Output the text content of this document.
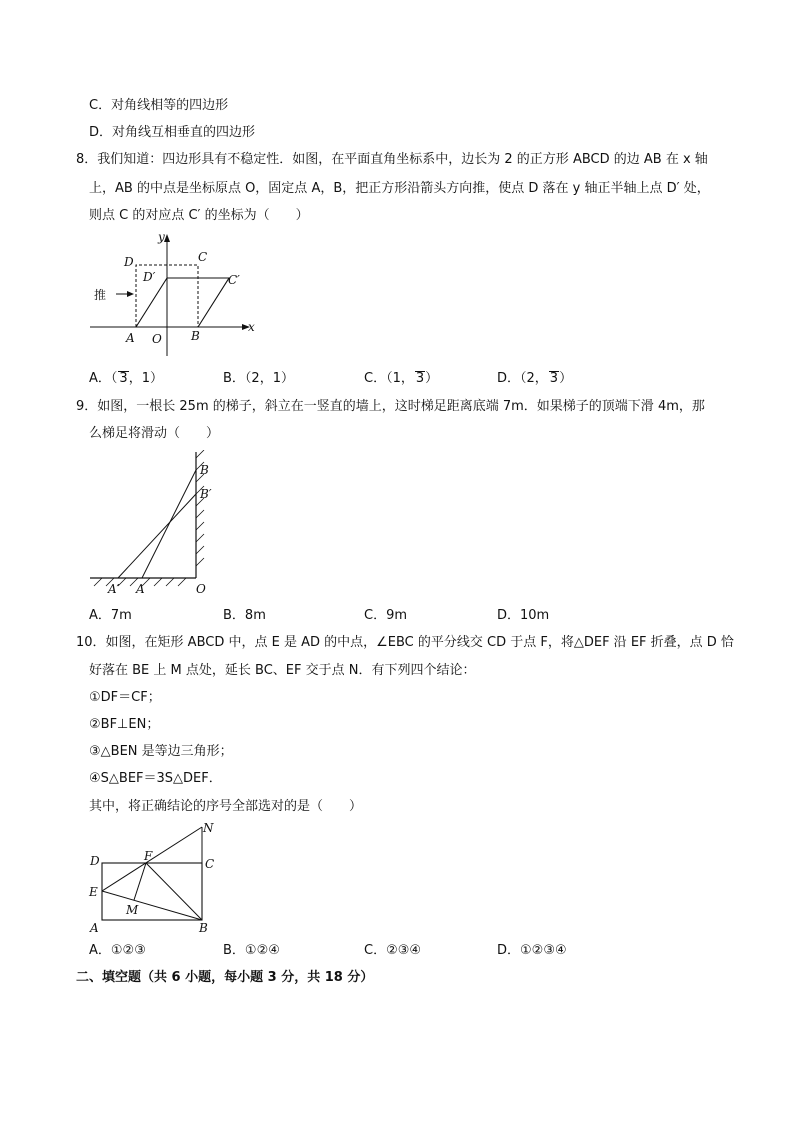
C．对角线相等的四边形
D．对角线互相垂直的四边形
8．我们知道：四边形具有不稳定性．如图，在平面直角坐标系中，边长为 2 的正方形 ABCD 的边 AB 在 x 轴
上，AB 的中点是坐标原点 O，固定点 A，B，把正方形沿箭头方向推，使点 D 落在 y 轴正半轴上点 D′ 处，
则点 C 的对应点 C′ 的坐标为（　　）
y
x
D	C
D′	C′
A O B
推
A．（ 3，1）	B．（2，1）	C．（1， 3）	D．（2， 3）
9．如图，一根长 25m 的梯子，斜立在一竖直的墙上，这时梯足距离底端 7m．如果梯子的顶端下滑 4m，那
么梯足将滑动（　　）
B
B′
A′ A	O
A．7m	B．8m	C．9m	D．10m
10．如图，在矩形 ABCD 中，点 E 是 AD 的中点，∠EBC 的平分线交 CD 于点 F，将△DEF 沿 EF 折叠，点 D 恰
好落在 BE 上 M 点处，延长 BC、EF 交于点 N．有下列四个结论：
①DF＝CF；
②BF⊥EN；
③△BEN 是等边三角形；
④S△BEF＝3S△DEF．
其中，将正确结论的序号全部选对的是（　　）
N
D	F
C
E
M
A	B
A．①②③	B．①②④	C．②③④	D．①②③④
二、填空题（共 6 小题，每小题 3 分，共 18 分）
